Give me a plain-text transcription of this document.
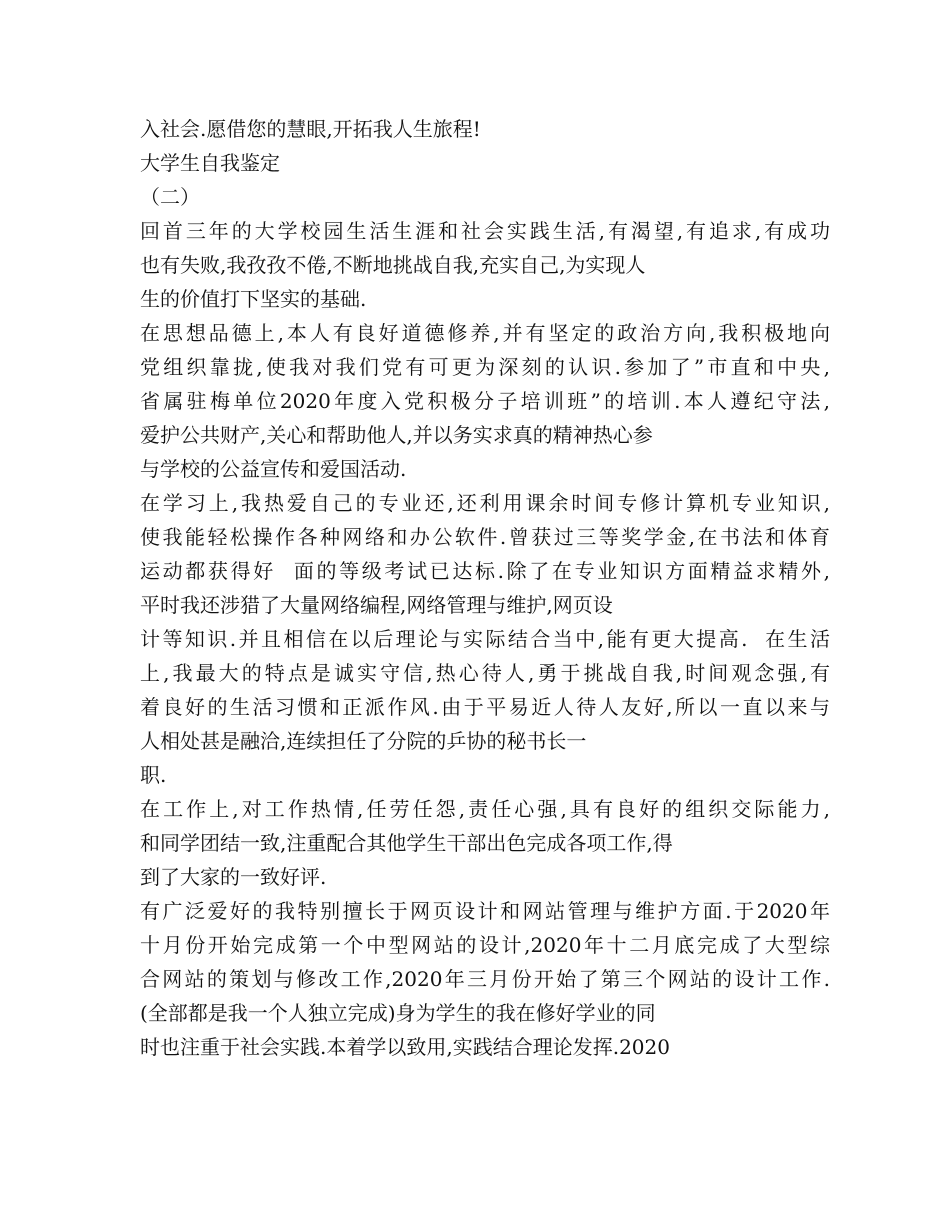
入社会.愿借您的慧眼,开拓我人生旅程!

大学生自我鉴定

（二）

回首三年的大学校园生活生涯和社会实践生活,有渴望,有追求,有成功

也有失败,我孜孜不倦,不断地挑战自我,充实自己,为实现人

生的价值打下坚实的基础.

在思想品德上,本人有良好道德修养,并有坚定的政治方向,我积极地向

党组织靠拢,使我对我们党有可更为深刻的认识.参加了”市直和中央,

省属驻梅单位2020年度入党积极分子培训班”的培训.本人遵纪守法,

爱护公共财产,关心和帮助他人,并以务实求真的精神热心参

与学校的公益宣传和爱国活动.

在学习上,我热爱自己的专业还,还利用课余时间专修计算机专业知识,

使我能轻松操作各种网络和办公软件.曾获过三等奖学金,在书法和体育

运动都获得好  面的等级考试已达标.除了在专业知识方面精益求精外,

平时我还涉猎了大量网络编程,网络管理与维护,网页设

计等知识.并且相信在以后理论与实际结合当中,能有更大提高.  在生活

上,我最大的特点是诚实守信,热心待人,勇于挑战自我,时间观念强,有

着良好的生活习惯和正派作风.由于平易近人待人友好,所以一直以来与

人相处甚是融洽,连续担任了分院的乒协的秘书长一

职.

在工作上,对工作热情,任劳任怨,责任心强,具有良好的组织交际能力,

和同学团结一致,注重配合其他学生干部出色完成各项工作,得

到了大家的一致好评.

有广泛爱好的我特别擅长于网页设计和网站管理与维护方面.于2020年

十月份开始完成第一个中型网站的设计,2020年十二月底完成了大型综

合网站的策划与修改工作,2020年三月份开始了第三个网站的设计工作.

(全部都是我一个人独立完成)身为学生的我在修好学业的同

时也注重于社会实践.本着学以致用,实践结合理论发挥.2020
